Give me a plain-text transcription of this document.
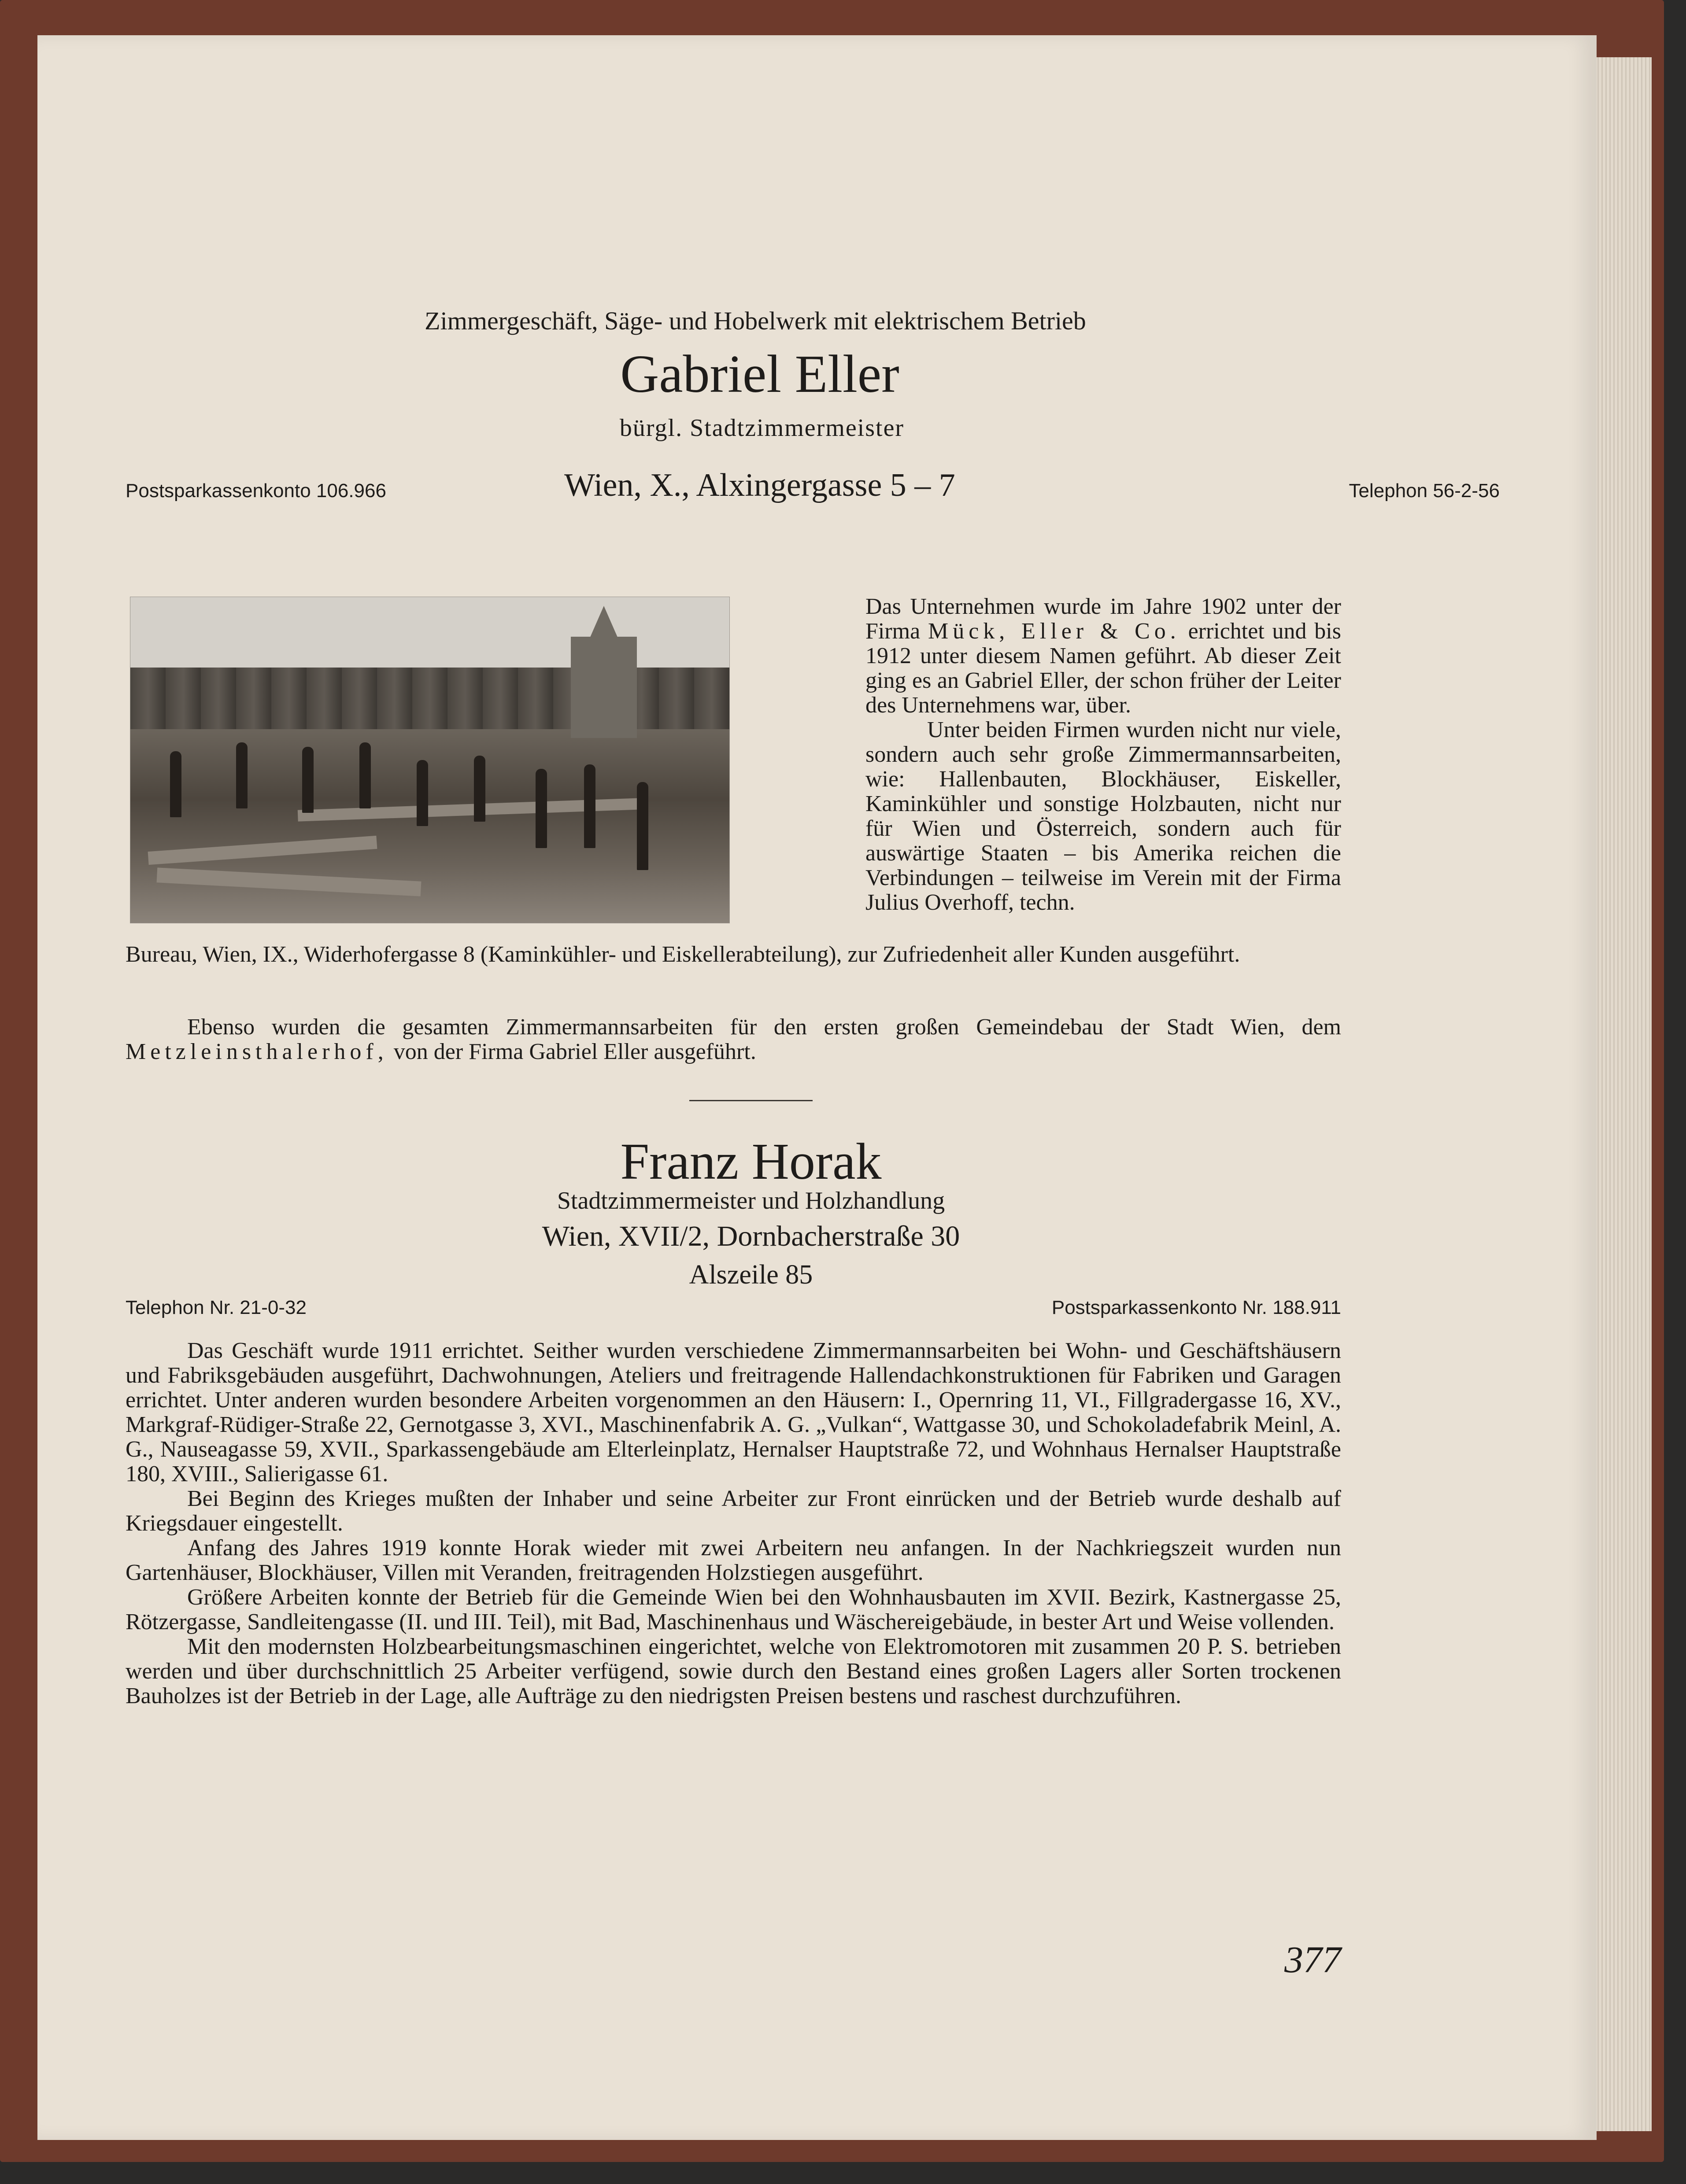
Zimmergeschäft, Säge- und Hobelwerk mit elektrischem Betrieb

Gabriel Eller

bürgl. Stadtzimmermeister

Postsparkassenkonto 106.966	Wien, X., Alxingergasse 5 – 7	Telephon 56-2-56

Das Unternehmen wurde im Jahre 1902 unter der Firma Mück, Eller & Co. errichtet und bis 1912 unter diesem Namen geführt. Ab dieser Zeit ging es an Gabriel Eller, der schon früher der Leiter des Unternehmens war, über.
Unter beiden Firmen wurden nicht nur viele, sondern auch sehr große Zimmermannsarbeiten, wie: Hallenbauten, Blockhäuser, Eiskeller, Kaminkühler und sonstige Holzbauten, nicht nur für Wien und Österreich, sondern auch für auswärtige Staaten – bis Amerika reichen die Verbindungen – teilweise im Verein mit der Firma Julius Overhoff, techn.

Bureau, Wien, IX., Widerhofergasse 8 (Kaminkühler- und Eiskellerabteilung), zur Zufriedenheit aller Kunden ausgeführt.

Ebenso wurden die gesamten Zimmermannsarbeiten für den ersten großen Gemeindebau der Stadt Wien, dem Metzleinsthalerhof, von der Firma Gabriel Eller ausgeführt.

Franz Horak

Stadtzimmermeister und Holzhandlung

Wien, XVII/2, Dornbacherstraße 30

Alszeile 85

Telephon Nr. 21-0-32	Postsparkassenkonto Nr. 188.911

Das Geschäft wurde 1911 errichtet. Seither wurden verschiedene Zimmermannsarbeiten bei Wohn- und Geschäftshäusern und Fabriksgebäuden ausgeführt, Dachwohnungen, Ateliers und freitragende Hallendachkonstruktionen für Fabriken und Garagen errichtet. Unter anderen wurden besondere Arbeiten vorgenommen an den Häusern: I., Opernring 11, VI., Fillgradergasse 16, XV., Markgraf-Rüdiger-Straße 22, Gernotgasse 3, XVI., Maschinenfabrik A. G. „Vulkan“, Wattgasse 30, und Schokoladefabrik Meinl, A. G., Nauseagasse 59, XVII., Sparkassengebäude am Elterleinplatz, Hernalser Hauptstraße 72, und Wohnhaus Hernalser Hauptstraße 180, XVIII., Salierigasse 61.

Bei Beginn des Krieges mußten der Inhaber und seine Arbeiter zur Front einrücken und der Betrieb wurde deshalb auf Kriegsdauer eingestellt.

Anfang des Jahres 1919 konnte Horak wieder mit zwei Arbeitern neu anfangen. In der Nachkriegszeit wurden nun Gartenhäuser, Blockhäuser, Villen mit Veranden, freitragenden Holzstiegen ausgeführt.

Größere Arbeiten konnte der Betrieb für die Gemeinde Wien bei den Wohnhausbauten im XVII. Bezirk, Kastnergasse 25, Rötzergasse, Sandleitengasse (II. und III. Teil), mit Bad, Maschinenhaus und Wäschereigebäude, in bester Art und Weise vollenden.

Mit den modernsten Holzbearbeitungsmaschinen eingerichtet, welche von Elektromotoren mit zusammen 20 P. S. betrieben werden und über durchschnittlich 25 Arbeiter verfügend, sowie durch den Bestand eines großen Lagers aller Sorten trockenen Bauholzes ist der Betrieb in der Lage, alle Aufträge zu den niedrigsten Preisen bestens und raschest durchzuführen.

377
